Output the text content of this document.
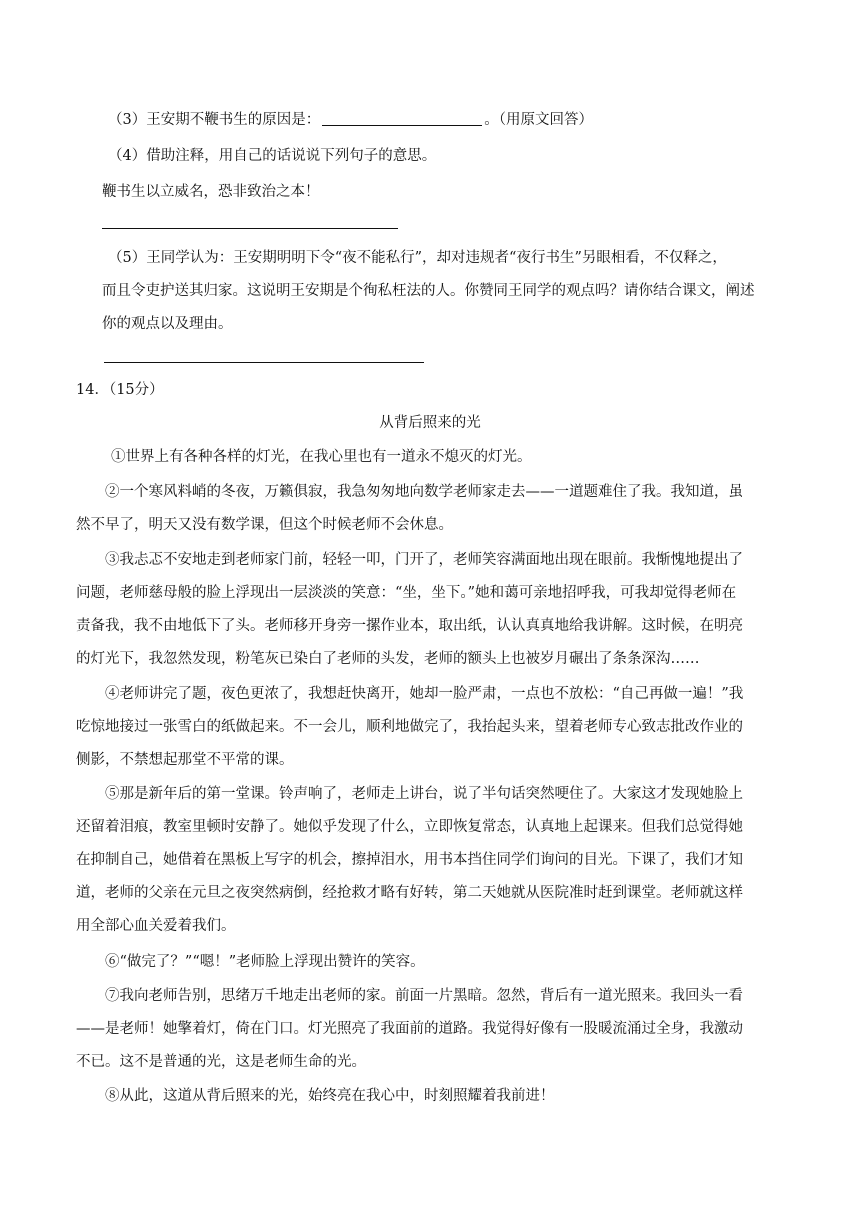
（3）王安期不鞭书生的原因是：	。（用原文回答）
（4）借助注释，用自己的话说说下列句子的意思。
鞭书生以立威名，恐非致治之本！
（5）王同学认为：王安期明明下令“夜不能私行”，却对违规者“夜行书生”另眼相看，不仅释之，
而且令吏护送其归家。这说明王安期是个徇私枉法的人。你赞同王同学的观点吗？请你结合课文，阐述
你的观点以及理由。
14．（15分）
从背后照来的光
①世界上有各种各样的灯光，在我心里也有一道永不熄灭的灯光。
②一个寒风料峭的冬夜，万籁俱寂，我急匆匆地向数学老师家走去——一道题难住了我。我知道，虽
然不早了，明天又没有数学课，但这个时候老师不会休息。
③我忐忑不安地走到老师家门前，轻轻一叩，门开了，老师笑容满面地出现在眼前。我惭愧地提出了
问题，老师慈母般的脸上浮现出一层淡淡的笑意：“坐，坐下。”她和蔼可亲地招呼我，可我却觉得老师在
责备我，我不由地低下了头。老师移开身旁一摞作业本，取出纸，认认真真地给我讲解。这时候，在明亮
的灯光下，我忽然发现，粉笔灰已染白了老师的头发，老师的额头上也被岁月碾出了条条深沟……
④老师讲完了题，夜色更浓了，我想赶快离开，她却一脸严肃，一点也不放松：“自己再做一遍！”我
吃惊地接过一张雪白的纸做起来。不一会儿，顺利地做完了，我抬起头来，望着老师专心致志批改作业的
侧影，不禁想起那堂不平常的课。
⑤那是新年后的第一堂课。铃声响了，老师走上讲台，说了半句话突然哽住了。大家这才发现她脸上
还留着泪痕，教室里顿时安静了。她似乎发现了什么，立即恢复常态，认真地上起课来。但我们总觉得她
在抑制自己，她借着在黑板上写字的机会，擦掉泪水，用书本挡住同学们询问的目光。下课了，我们才知
道，老师的父亲在元旦之夜突然病倒，经抢救才略有好转，第二天她就从医院准时赶到课堂。老师就这样
用全部心血关爱着我们。
⑥“做完了？”“嗯！”老师脸上浮现出赞许的笑容。
⑦我向老师告别，思绪万千地走出老师的家。前面一片黑暗。忽然，背后有一道光照来。我回头一看
——是老师！她擎着灯，倚在门口。灯光照亮了我面前的道路。我觉得好像有一股暖流涌过全身，我激动
不已。这不是普通的光，这是老师生命的光。
⑧从此，这道从背后照来的光，始终亮在我心中，时刻照耀着我前进！
